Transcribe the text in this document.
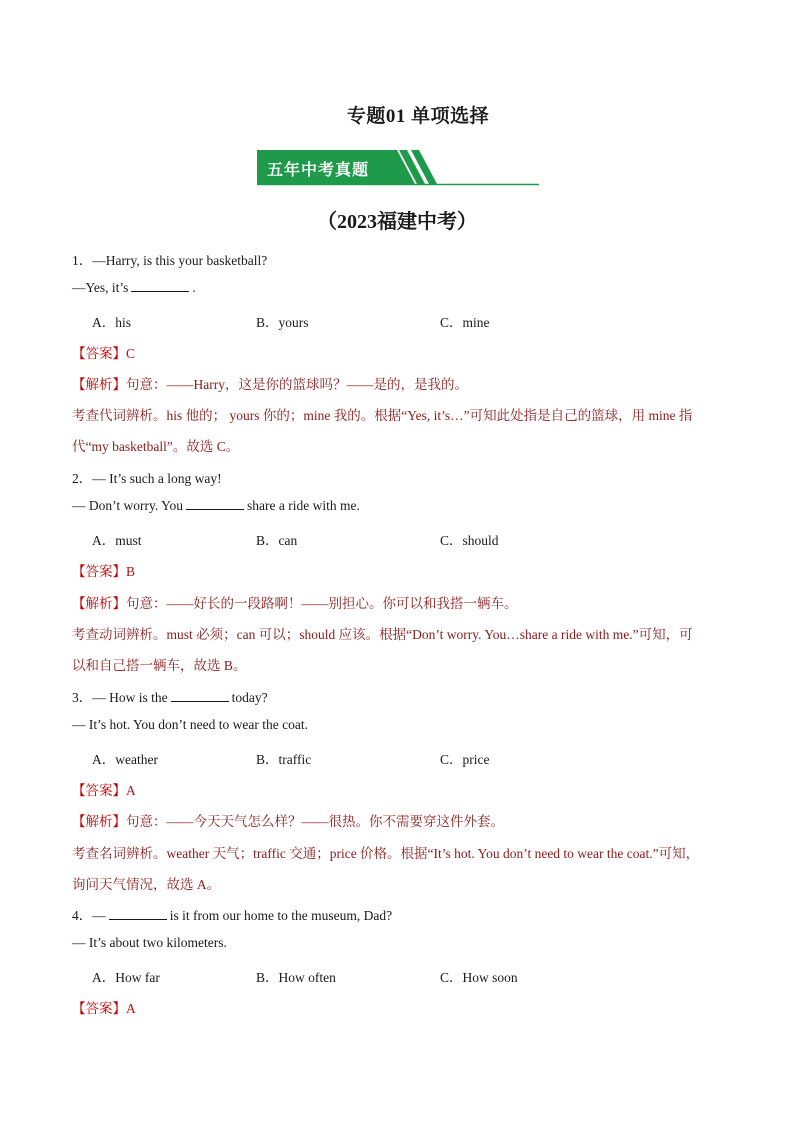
专题01 单项选择
五年中考真题
（2023福建中考）
1．—Harry, is this your basketball?
—Yes, it’s	.
A．his	B．yours	C．mine
【答案】C
【解析】句意：——Harry，这是你的篮球吗？——是的，是我的。
考查代词辨析。his 他的； yours 你的；mine 我的。根据“Yes, it’s…”可知此处指是自己的篮球，用 mine 指
代“my basketball”。故选 C。
2．— It’s such a long way!
— Don’t worry. You	share a ride with me.
A．must	B．can	C．should
【答案】B
【解析】句意：——好长的一段路啊！——别担心。你可以和我搭一辆车。
考查动词辨析。must 必须；can 可以；should 应该。根据“Don’t worry. You…share a ride with me.”可知，可
以和自己搭一辆车，故选 B。
3．— How is the	today?
— It’s hot. You don’t need to wear the coat.
A．weather	B．traffic	C．price
【答案】A
【解析】句意：——今天天气怎么样？——很热。你不需要穿这件外套。
考查名词辨析。weather 天气；traffic 交通；price 价格。根据“It’s hot. You don’t need to wear the coat.”可知，
询问天气情况，故选 A。
4．—	is it from our home to the museum, Dad?
— It’s about two kilometers.
A．How far	B．How often	C．How soon
【答案】A
